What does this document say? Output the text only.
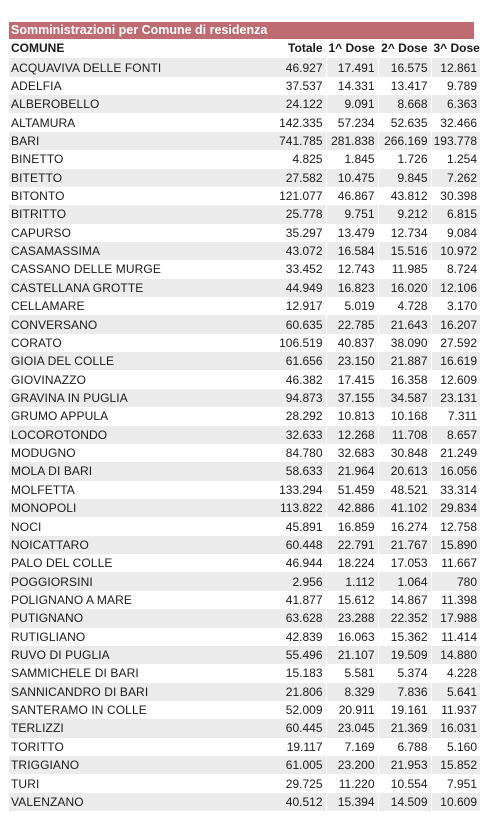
Somministrazioni per Comune di residenza
COMUNE	Totale	1^ Dose	2^ Dose	3^ Dose
ACQUAVIVA DELLE FONTI	46.927	17.491	16.575	12.861
ADELFIA	37.537	14.331	13.417	9.789
ALBEROBELLO	24.122	9.091	8.668	6.363
ALTAMURA	142.335	57.234	52.635	32.466
BARI	741.785	281.838	266.169	193.778
BINETTO	4.825	1.845	1.726	1.254
BITETTO	27.582	10.475	9.845	7.262
BITONTO	121.077	46.867	43.812	30.398
BITRITTO	25.778	9.751	9.212	6.815
CAPURSO	35.297	13.479	12.734	9.084
CASAMASSIMA	43.072	16.584	15.516	10.972
CASSANO DELLE MURGE	33.452	12.743	11.985	8.724
CASTELLANA GROTTE	44.949	16.823	16.020	12.106
CELLAMARE	12.917	5.019	4.728	3.170
CONVERSANO	60.635	22.785	21.643	16.207
CORATO	106.519	40.837	38.090	27.592
GIOIA DEL COLLE	61.656	23.150	21.887	16.619
GIOVINAZZO	46.382	17.415	16.358	12.609
GRAVINA IN PUGLIA	94.873	37.155	34.587	23.131
GRUMO APPULA	28.292	10.813	10.168	7.311
LOCOROTONDO	32.633	12.268	11.708	8.657
MODUGNO	84.780	32.683	30.848	21.249
MOLA DI BARI	58.633	21.964	20.613	16.056
MOLFETTA	133.294	51.459	48.521	33.314
MONOPOLI	113.822	42.886	41.102	29.834
NOCI	45.891	16.859	16.274	12.758
NOICATTARO	60.448	22.791	21.767	15.890
PALO DEL COLLE	46.944	18.224	17.053	11.667
POGGIORSINI	2.956	1.112	1.064	780
POLIGNANO A MARE	41.877	15.612	14.867	11.398
PUTIGNANO	63.628	23.288	22.352	17.988
RUTIGLIANO	42.839	16.063	15.362	11.414
RUVO DI PUGLIA	55.496	21.107	19.509	14.880
SAMMICHELE DI BARI	15.183	5.581	5.374	4.228
SANNICANDRO DI BARI	21.806	8.329	7.836	5.641
SANTERAMO IN COLLE	52.009	20.911	19.161	11.937
TERLIZZI	60.445	23.045	21.369	16.031
TORITTO	19.117	7.169	6.788	5.160
TRIGGIANO	61.005	23.200	21.953	15.852
TURI	29.725	11.220	10.554	7.951
VALENZANO	40.512	15.394	14.509	10.609
